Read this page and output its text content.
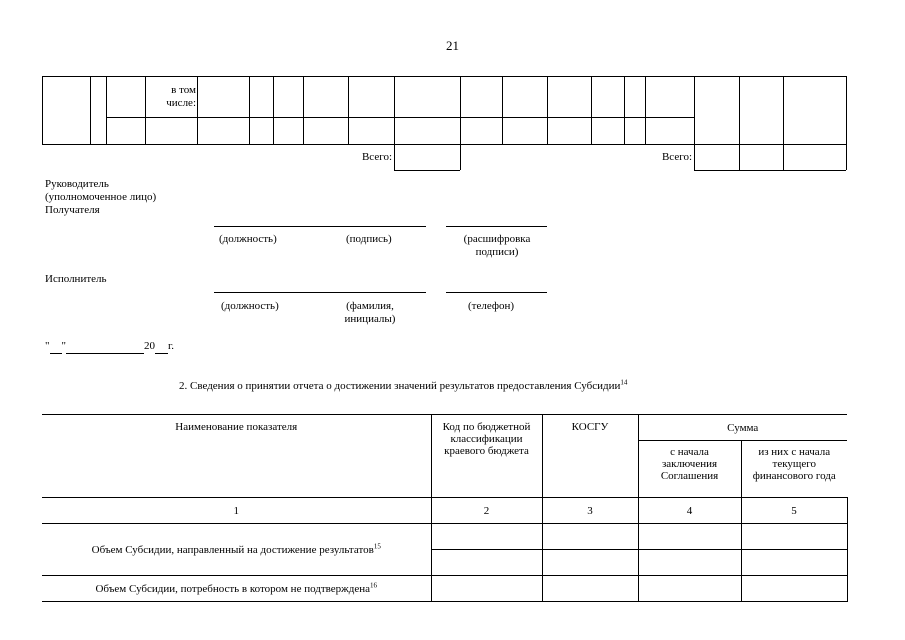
21
в том числе:
Всего:	Всего:
Руководитель
(уполномоченное лицо)
Получателя
(должность)	(подпись)	(расшифровка
подписи)
Исполнитель
(должность)	(фамилия,
инициалы)
(телефон)
" "	20 г.
2. Сведения о принятии отчета о достижении значений результатов предоставления Субсидии$^{14}$
Наименование показателя	Код по бюджетной классификации краевого бюджета	КОСГУ	Сумма	
			с начала заключения Соглашения	из них с начала текущего финансового года
1	2	3	4	5
Объем Субсидии, направленный на достижение результатов$^{15}$				

Объем Субсидии, потребность в котором не подтверждена$^{16}$				
